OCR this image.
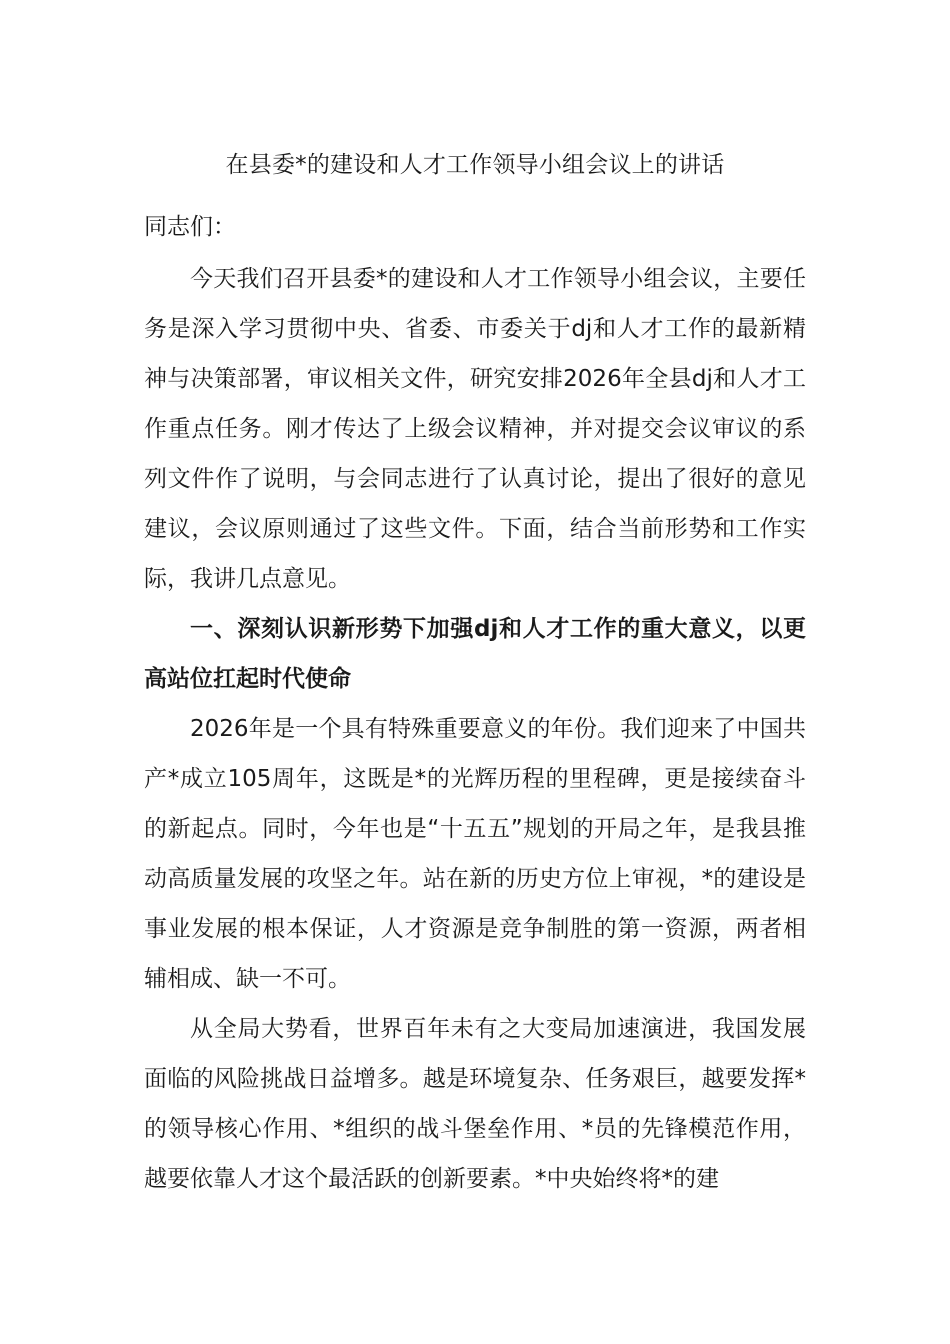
在县委*的建设和人才工作领导小组会议上的讲话
同志们：

今天我们召开县委*的建设和人才工作领导小组会议，主要任务是深入学习贯彻中央、省委、市委关于dj和人才工作的最新精神与决策部署，审议相关文件，研究安排2026年全县dj和人才工作重点任务。刚才传达了上级会议精神，并对提交会议审议的系列文件作了说明，与会同志进行了认真讨论，提出了很好的意见建议，会议原则通过了这些文件。下面，结合当前形势和工作实际，我讲几点意见。

一、深刻认识新形势下加强dj和人才工作的重大意义，以更高站位扛起时代使命

2026年是一个具有特殊重要意义的年份。我们迎来了中国共产*成立105周年，这既是*的光辉历程的里程碑，更是接续奋斗的新起点。同时，今年也是“十五五”规划的开局之年，是我县推动高质量发展的攻坚之年。站在新的历史方位上审视，*的建设是事业发展的根本保证，人才资源是竞争制胜的第一资源，两者相辅相成、缺一不可。

从全局大势看，世界百年未有之大变局加速演进，我国发展面临的风险挑战日益增多。越是环境复杂、任务艰巨，越要发挥*的领导核心作用、*组织的战斗堡垒作用、*员的先锋模范作用，越要依靠人才这个最活跃的创新要素。*中央始终将*的建
